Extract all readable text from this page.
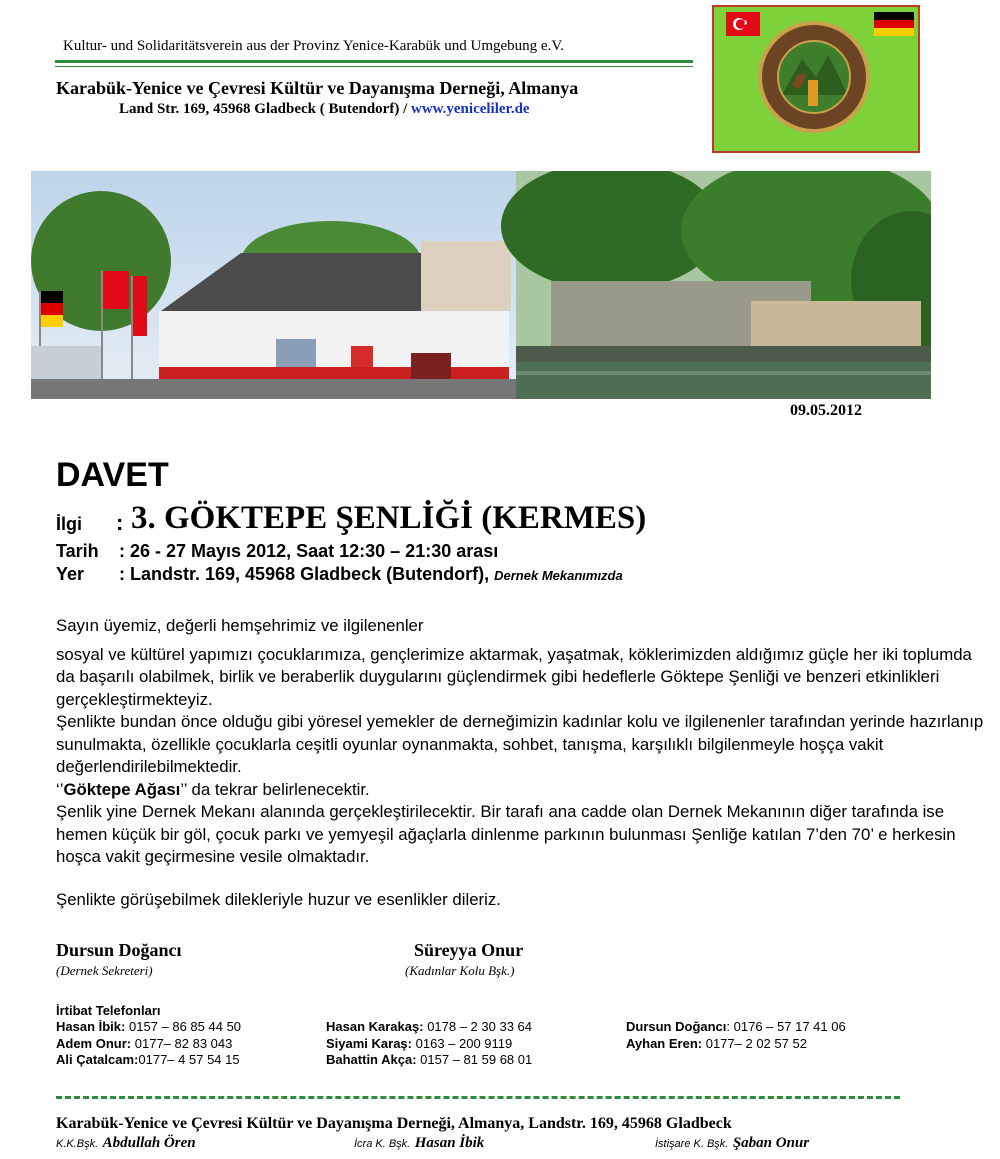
Kultur- und Solidaritätsverein aus der Provinz Yenice-Karabük und Umgebung e.V.
Karabük-Yenice ve Çevresi Kültür ve Dayanışma Derneği, Almanya
Land Str. 169, 45968 Gladbeck ( Butendorf) / www.yeniceliler.de
09.05.2012
DAVET
İlgi : 3. GÖKTEPE ŞENLİĞİ (KERMES)
Tarih : 26 - 27 Mayıs 2012, Saat 12:30 – 21:30 arası
Yer : Landstr. 169, 45968 Gladbeck (Butendorf), Dernek Mekanımızda

Sayın üyemiz, değerli hemşehrimiz ve ilgilenenler

sosyal ve kültürel yapımızı çocuklarımıza, gençlerimize aktarmak, yaşatmak, köklerimizden aldığımız güçle her iki toplumda da başarılı olabilmek, birlik ve beraberlik duygularını güçlendirmek gibi hedeflerle Göktepe Şenliği ve benzeri etkinlikleri gerçekleştirmekteyiz.

Şenlikte bundan önce olduğu gibi yöresel yemekler de derneğimizin kadınlar kolu ve ilgilenenler tarafından yerinde hazırlanıp sunulmakta, özellikle çocuklarla ceşitli oyunlar oynanmakta, sohbet, tanışma, karşılıklı bilgilenmeyle hoşça vakit değerlendirilebilmektedir.

‘’Göktepe Ağası’’ da tekrar belirlenecektir.

Şenlik yine Dernek Mekanı alanında gerçekleştirilecektir. Bir tarafı ana cadde olan Dernek Mekanının diğer tarafında ise hemen küçük bir göl, çocuk parkı ve yemyeşil ağaçlarla dinlenme parkının bulunması Şenliğe katılan 7’den 70’ e herkesin hoşca vakit geçirmesine vesile olmaktadır.

Şenlikte görüşebilmek dilekleriyle huzur ve esenlikler dileriz.

Dursun Doğancı
(Dernek Sekreteri)
Süreyya Onur
(Kadınlar Kolu Bşk.)
İrtibat Telefonları
Hasan İbik: 0157 – 86 85 44 50
Adem Onur: 0177– 82 83 043
Ali Çatalcam:0177– 4 57 54 15
Hasan Karakaş: 0178 – 2 30 33 64
Siyami Karaş: 0163 – 200 9119
Bahattin Akça: 0157 – 81 59 68 01
Dursun Doğancı: 0176 – 57 17 41 06
Ayhan Eren: 0177– 2 02 57 52
Karabük-Yenice ve Çevresi Kültür ve Dayanışma Derneği, Almanya, Landstr. 169, 45968 Gladbeck
K.K.Bşk. Abdullah Ören	İcra K. Bşk. Hasan İbik	İstişare K. Bşk. Şaban Onur
